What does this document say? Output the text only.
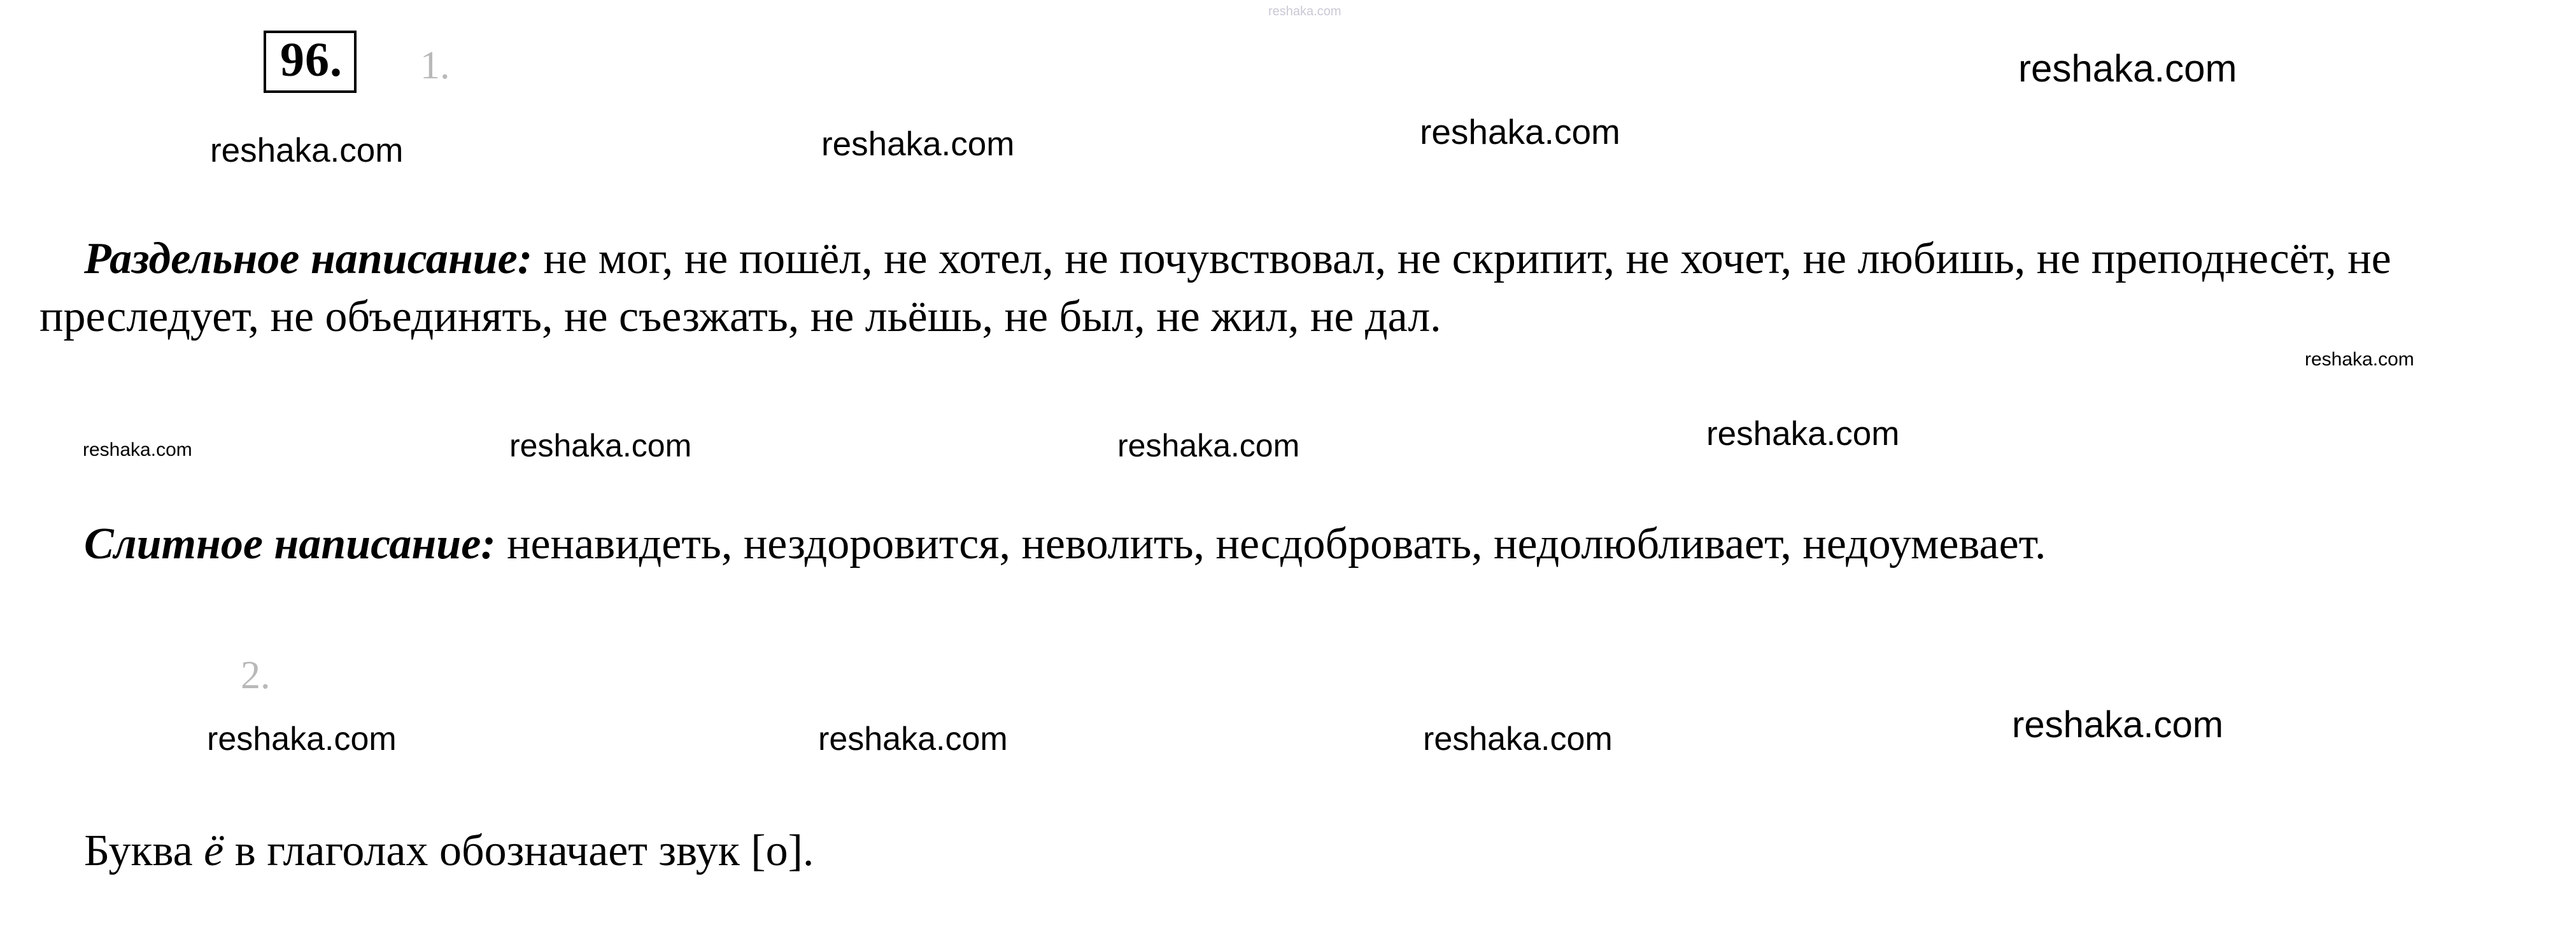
96.	1.
2.

Раздельное написание: не мог, не пошёл, не хотел, не почувствовал, не скрипит, не хочет, не любишь, не преподнесёт, не преследует, не объединять, не съезжать, не льёшь, не был, не жил, не дал.

Слитное написание: ненавидеть, нездоровится, неволить, несдобровать, недолюбливает, недоумевает.

Буква ё в глаголах обозначает звук [о].

reshaka.com
reshaka.com
reshaka.com
reshaka.com
reshaka.com
reshaka.com
reshaka.com
reshaka.com
reshaka.com
reshaka.com
reshaka.com
reshaka.com
reshaka.com
reshaka.com
